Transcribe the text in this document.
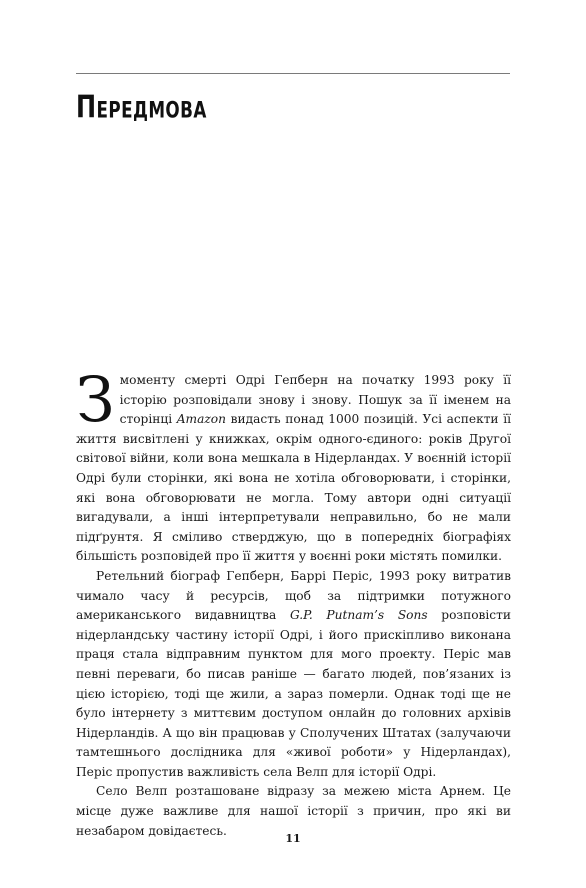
Передмова

З моменту смерті Одрі Гепберн на початку 1993 року її історію розповідали знову і знову. Пошук за її іменем на сторінці Amazon видасть понад 1000 позицій. Усі аспекти її життя висвітлені у книжках, окрім одного-єдиного: років Другої світової війни, коли вона мешкала в Нідерландах. У воєнній історії Одрі були сторінки, які вона не хотіла обговорювати, і сторінки, які вона обговорювати не могла. Тому автори одні ситуації вигадували, а інші інтерпретували неправильно, бо не мали підґрунтя. Я сміливо стверджую, що в попередніх біографіях більшість розповідей про її життя у воєнні роки містять помилки.

Ретельний біограф Гепберн, Баррі Періс, 1993 року витратив чимало часу й ресурсів, щоб за підтримки потужного американського видавництва G.P. Putnam’s Sons розповісти нідерландську частину історії Одрі, і його прискіпливо виконана праця стала відправним пунктом для мого проекту. Періс мав певні переваги, бо писав раніше — багато людей, пов’язаних із цією історією, тоді ще жили, а зараз померли. Однак тоді ще не було інтернету з миттєвим доступом онлайн до головних архівів Нідерландів. А що він працював у Сполучених Штатах (залучаючи тамтешнього дослідника для «живої роботи» у Нідерландах), Періс пропустив важливість села Велп для історії Одрі.

Село Велп розташоване відразу за межею міста Арнем. Це місце дуже важливе для нашої історії з причин, про які ви незабаром довідаєтесь.

11
